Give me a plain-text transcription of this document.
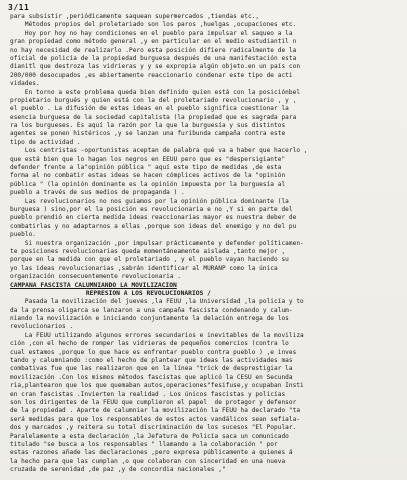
3/11
para subsistir ,periódicamente saquean supermercados ,tiendas etc.,
Métodos propios del proletariado son los paros ,huelgas ,ocupaciones etc.
Hoy por hoy no hay condiciones en el pueblo para impulsar el saqueo a la
gran propiedad como método general ,y en particular en el medio estudiantil n
no hay necesidad de realizarlo .Pero esta posición difiere radicalmente de la
oficial de policía de la propiedad burguesa después de una manifestación esta
dianitl que destroza las vidrieras y y se expropia algún objeto.en un país con
200/000 desocupados ,es abiertamente reaccionario condenar este tipo de acti
vidades.
En torno a este problema queda bien definido quien está con la posiciónbel
propietario burgués y quien está con la del proletariado revolucionario , y ,
el pueblo . La difusión de estas ideas en el pueblo significa cuestionar la
esencia burguesa de la sociedad capitalista (la propiedad que es sagrada para
ra los burgueses. Es aquí la razón por la que la burguesía y sus distintos
agentes se ponen histéricos ,y se lanzan una furibunda campaña contra este
tipo de actividad .
Los centristas -oportunistas aceptan de palabra qué va a haber que hacerlo ,
que está bien que lo hagan los negros en EEUU pero que es "despersigiante"
defender frente a la"opinión pública " aquí este tipo de medidas ,de esta
forma al no combatir estas ideas se hacen cómplices activos de la "opinión
pública " (la opinión dominante es la opinión impuesta por la burguesía al
pueblo a través de sus medios de propaganda ) .
Las revolucionarios no nos guiamos por la opinión pública dominante (la
burguesa ) sino,por el la posición es revolucionaria e no ,Y si en parte del
pueblo prendió en cierta medida ideas reaccionarias mayor es nuestra deber de
combatirlas y no adaptarnos a ellas ,porque son ideas del enemigo y no del pu
pueblo.
Si nuestra organización ,por impulsar prácticamente y defender políticamen-
te posiciones revolucionarias queda momentáneamente aislada ,tanto mejor ,
porque en la medida con que el proletariado , y el pueblo vayan haciendo su
yo las ideas revolucionarias ,sabrán identificar al MURANP como la única
organización consecuentemente revolucionaria .
CAMPAÑA FASCISTA CALUMNIANDO LA MOVILIZACION
REPRESIÓN A LOS REVOLUCIONARIOS /
Pasada la movilización del jueves ,la FEUU ,la Universidad ,la policía y to
da la prensa oligarca se lanzaron a una campaña fascista condenando y calum-
niando la movilización e iniciando conjuntamente la delación entrega de los
revolucionarios .
La FEUU utilizando algunos errores secundarios e inevitables de la moviliza
ción ,con el hecho de romper las vidrieras de pequeños comercios (contra lo
cual estamos ,porque lo que hace es enfrentar pueblo contra pueblo ) ,e inves
tando y calumniando :como el hecho de plantear que ideas las actividades mas
combativas fue que las realizaron que en la línea "trick de desprestigiar la
movilización .Con los mismos métodos fascistas que aplicó la CESU en Secunda
ria,plantearon que los que quemaban autos,operaciones"fesifuse,y ocupaban Insti
en cran fascistas .Invierten la realidad . Los únicos fascistas y policías
son los dirigentes de la FEUU que cumplieron el papel  de protagor y defensor
de la propiedad . Aparte de calumniar la movilización la FEUU ha declarado "ta
será medidas para que los responsables de estos actos vandálicos sean sefiala-
dos y marcados ,y reitera su total discriminación de los sucesos "El Popular.
Paralelamente a esta declaración ,la Jefatura de Policía saca un comunicado
titulado "se busca a los responsables " llamando a la colaboración " por
estas razones añade las declaraciones ,pero expresa públicamente a quienes á
la hecho para que las cumplan ,o que colaboran con sinceridad en una nueva
cruzada de serenidad ,de paz ,y de concordia nacionales ,"
